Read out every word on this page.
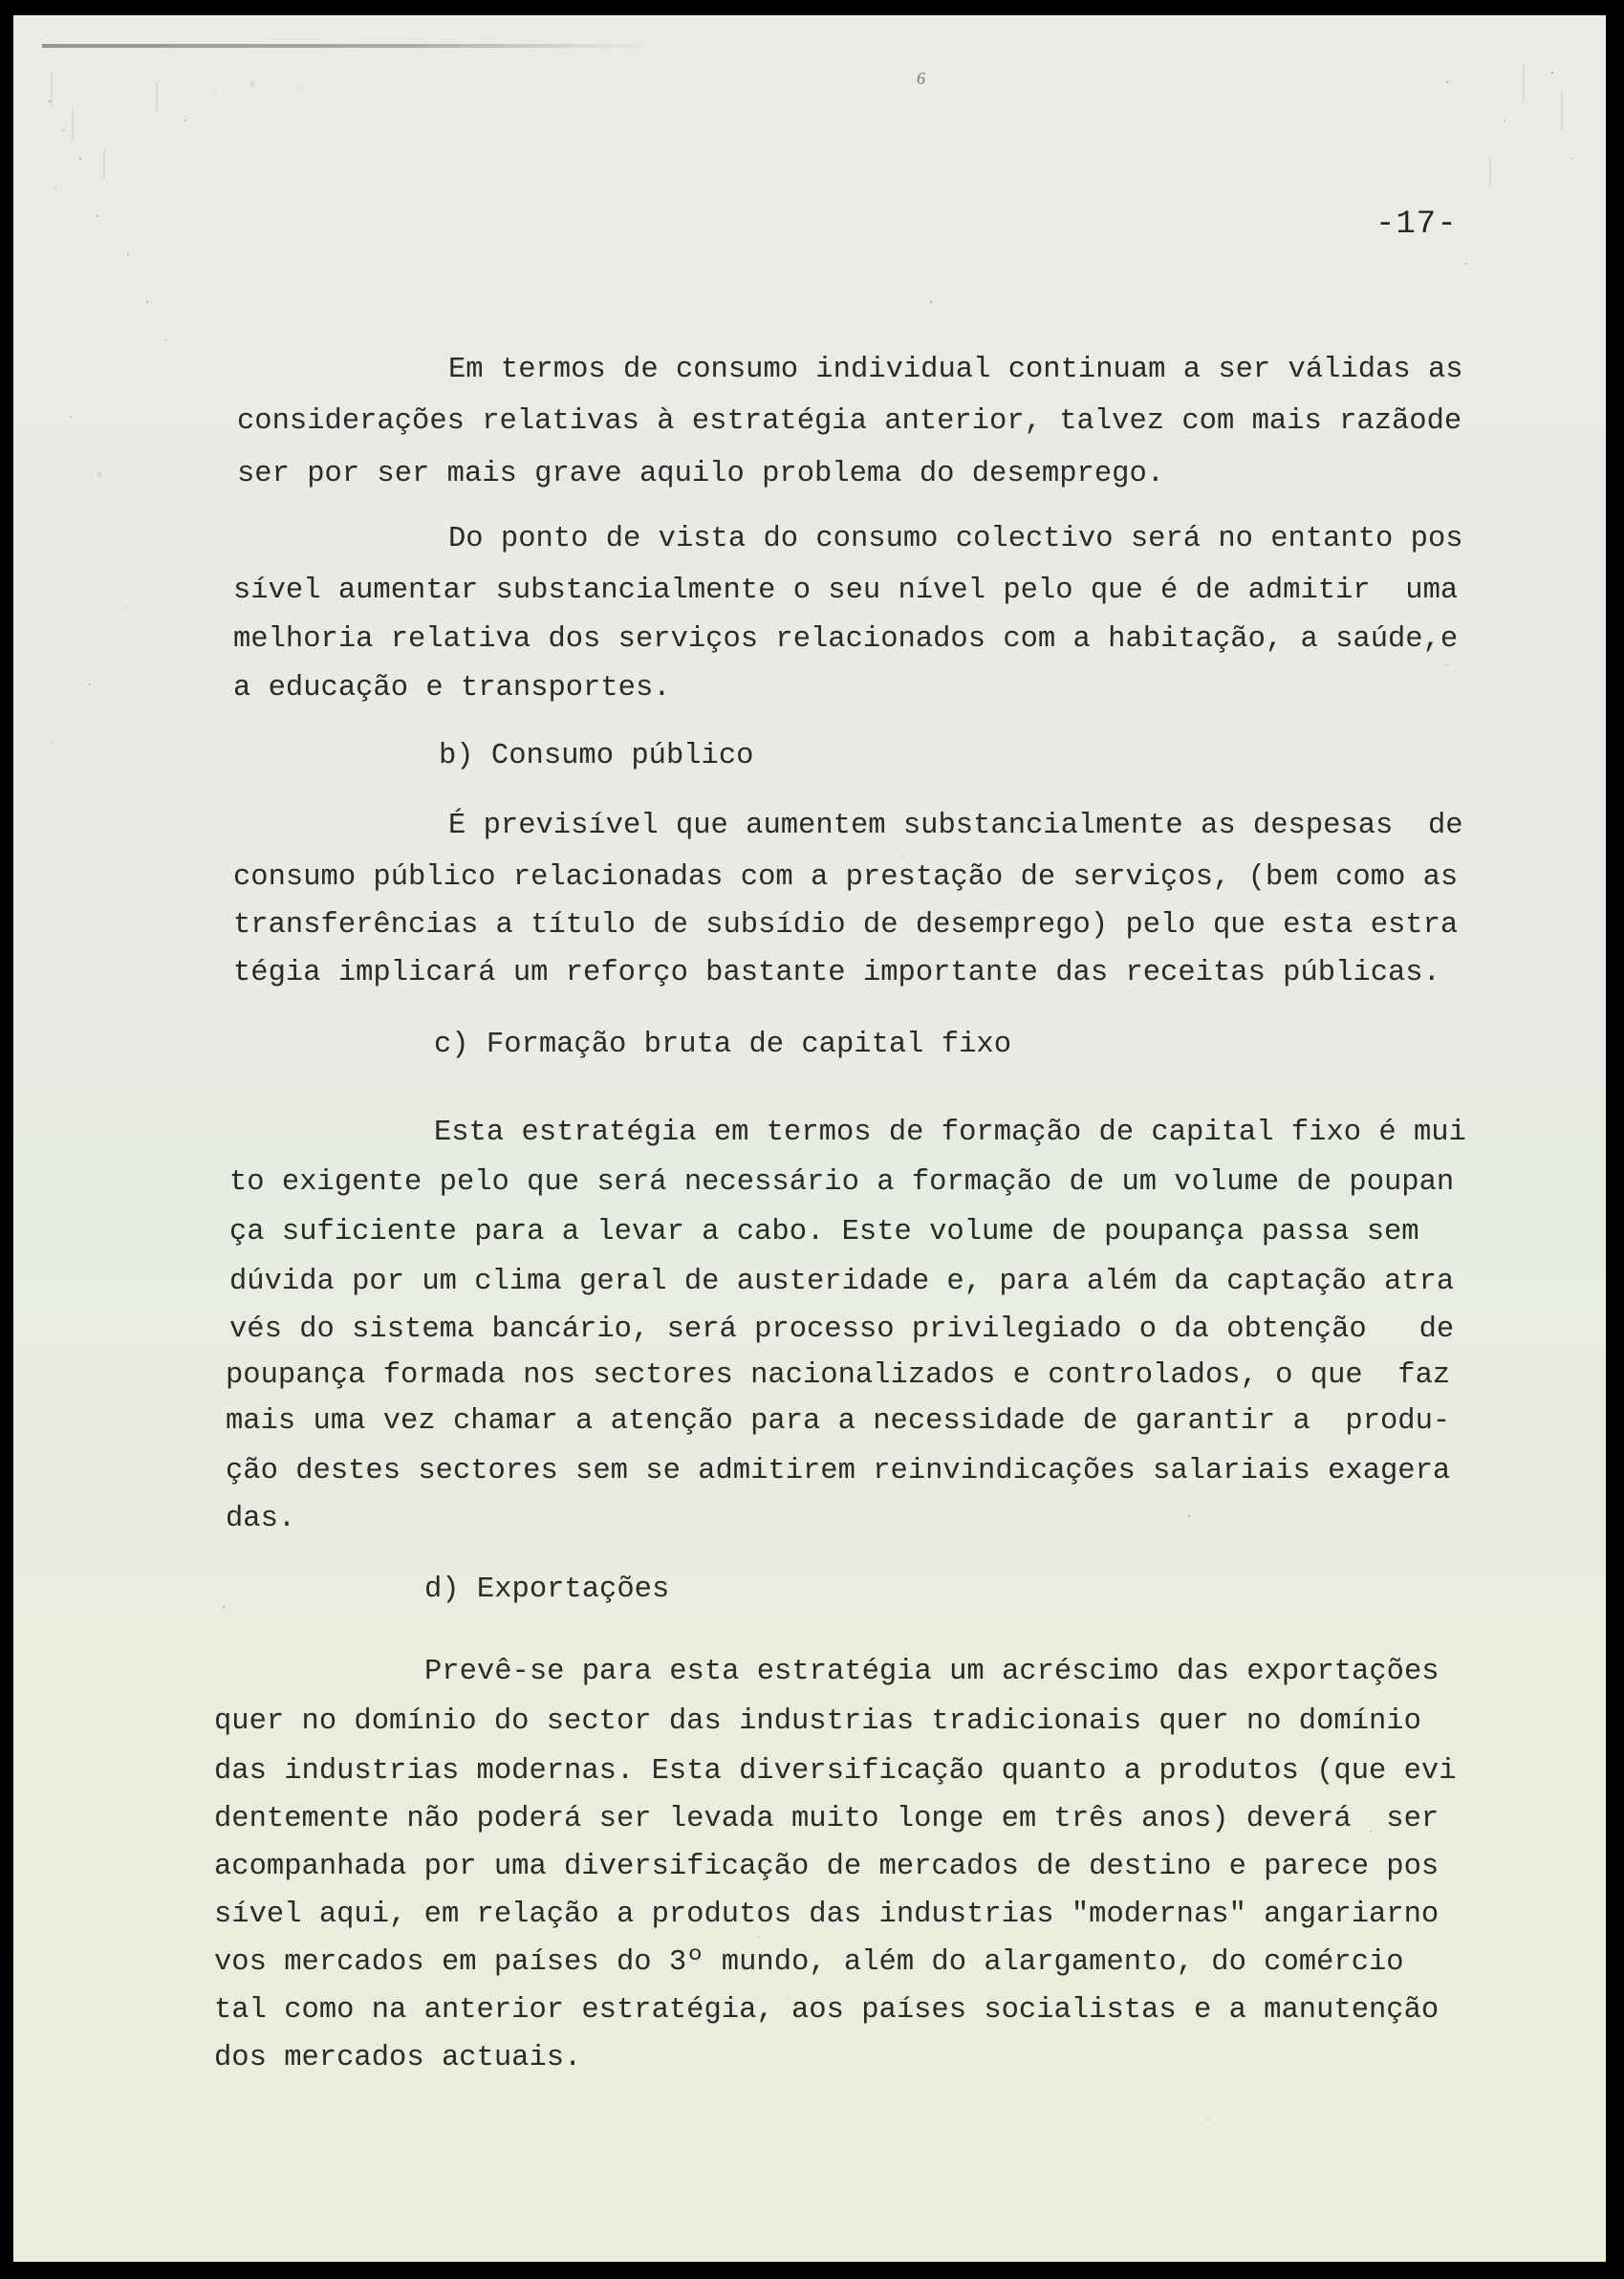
6
-17-
Em termos de consumo individual continuam a ser válidas as
considerações relativas à estratégia anterior, talvez com mais razãode
ser por ser mais grave aquilo problema do desemprego.
Do ponto de vista do consumo colectivo será no entanto pos
sível aumentar substancialmente o seu nível pelo que é de admitir  uma
melhoria relativa dos serviços relacionados com a habitação, a saúde,e
a educação e transportes.
b) Consumo público
É previsível que aumentem substancialmente as despesas  de
consumo público relacionadas com a prestação de serviços, (bem como as
transferências a título de subsídio de desemprego) pelo que esta estra
tégia implicará um reforço bastante importante das receitas públicas.
c) Formação bruta de capital fixo
Esta estratégia em termos de formação de capital fixo é mui
to exigente pelo que será necessário a formação de um volume de poupan
ça suficiente para a levar a cabo. Este volume de poupança passa sem
dúvida por um clima geral de austeridade e, para além da captação atra
vés do sistema bancário, será processo privilegiado o da obtenção   de
poupança formada nos sectores nacionalizados e controlados, o que  faz
mais uma vez chamar a atenção para a necessidade de garantir a  produ-
ção destes sectores sem se admitirem reinvindicações salariais exagera
das.
d) Exportações
Prevê-se para esta estratégia um acréscimo das exportações
quer no domínio do sector das industrias tradicionais quer no domínio
das industrias modernas. Esta diversificação quanto a produtos (que evi
dentemente não poderá ser levada muito longe em três anos) deverá  ser
acompanhada por uma diversificação de mercados de destino e parece pos
sível aqui, em relação a produtos das industrias "modernas" angariarno
vos mercados em países do 3º mundo, além do alargamento, do comércio
tal como na anterior estratégia, aos países socialistas e a manutenção
dos mercados actuais.
